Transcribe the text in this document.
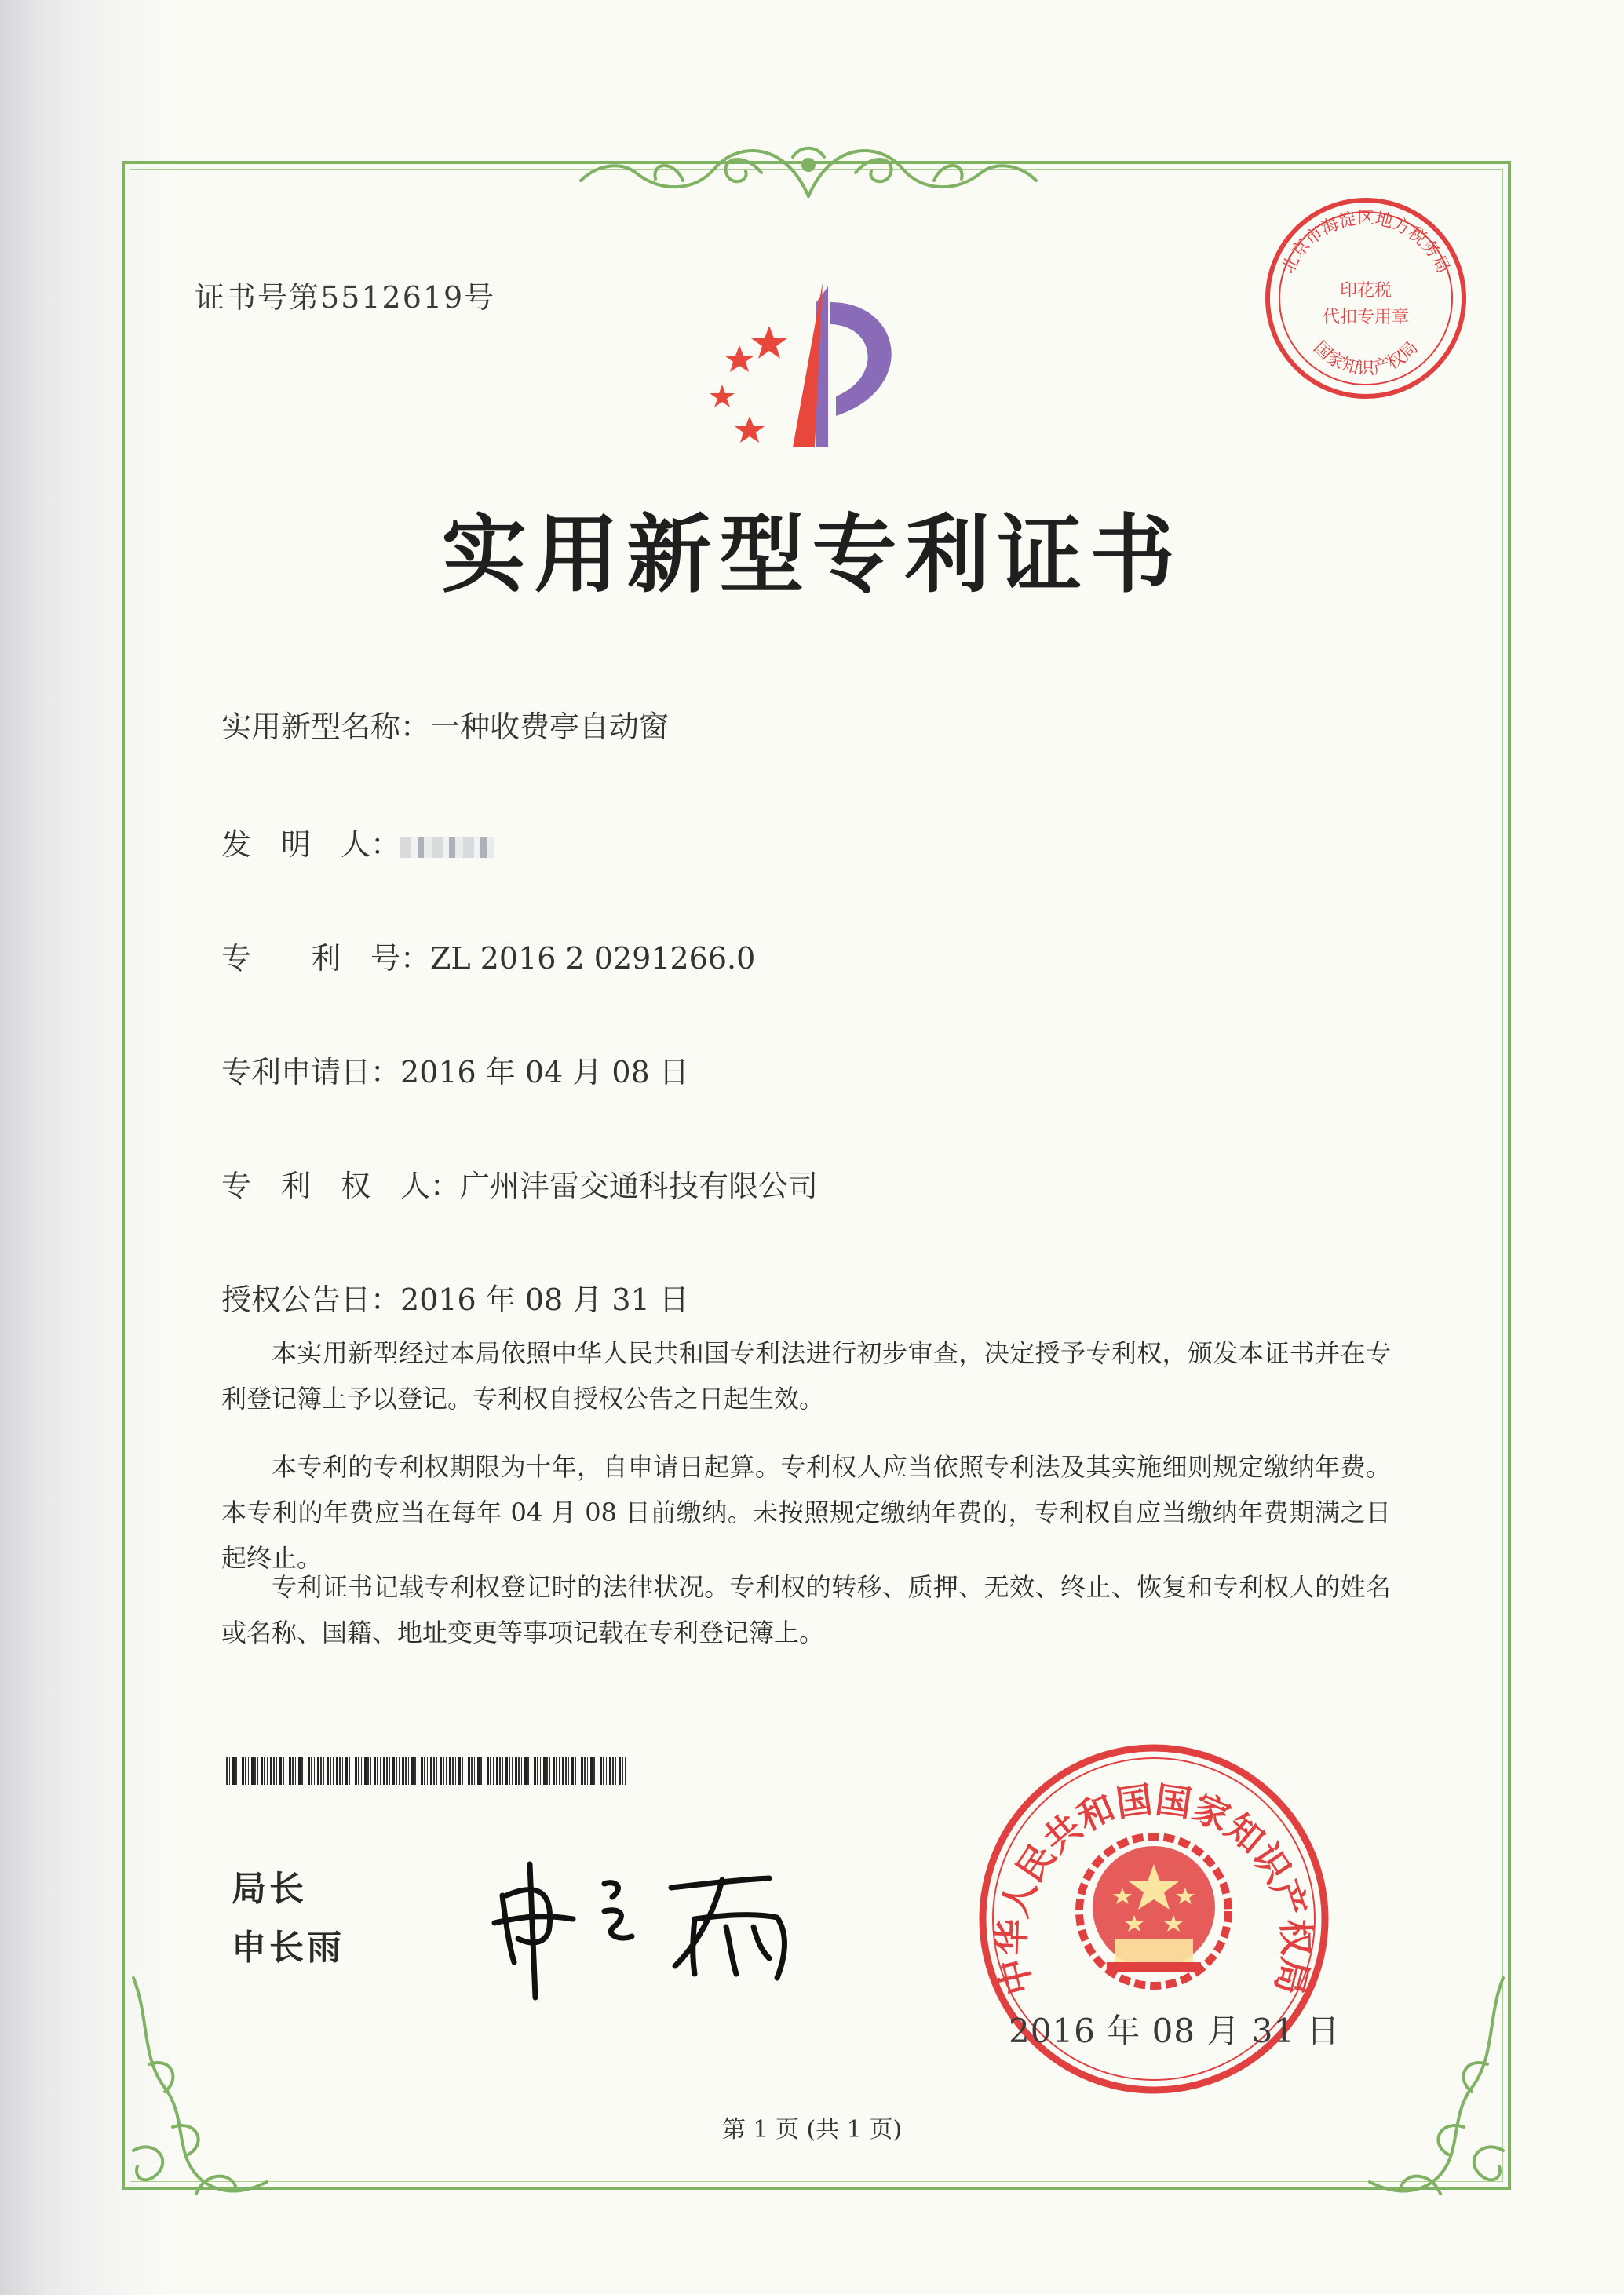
证书号第5512619号
北京市海淀区地方税务局
印花税
代扣专用章
国家知识产权局
实用新型专利证书
实用新型名称：一种收费亭自动窗
发　明　人：
专　　利　号：ZL 2016 2 0291266.0
专利申请日：2016 年 04 月 08 日
专　利　权　人：广州沣雷交通科技有限公司
授权公告日：2016 年 08 月 31 日

本实用新型经过本局依照中华人民共和国专利法进行初步审查，决定授予专利权，颁发本证书并在专利登记簿上予以登记。专利权自授权公告之日起生效。

本专利的专利权期限为十年，自申请日起算。专利权人应当依照专利法及其实施细则规定缴纳年费。本专利的年费应当在每年 04 月 08 日前缴纳。未按照规定缴纳年费的，专利权自应当缴纳年费期满之日起终止。

专利证书记载专利权登记时的法律状况。专利权的转移、质押、无效、终止、恢复和专利权人的姓名或名称、国籍、地址变更等事项记载在专利登记簿上。

局长
申长雨
中华人民共和国国家知识产权局
2016 年 08 月 31 日
第 1 页 (共 1 页)
